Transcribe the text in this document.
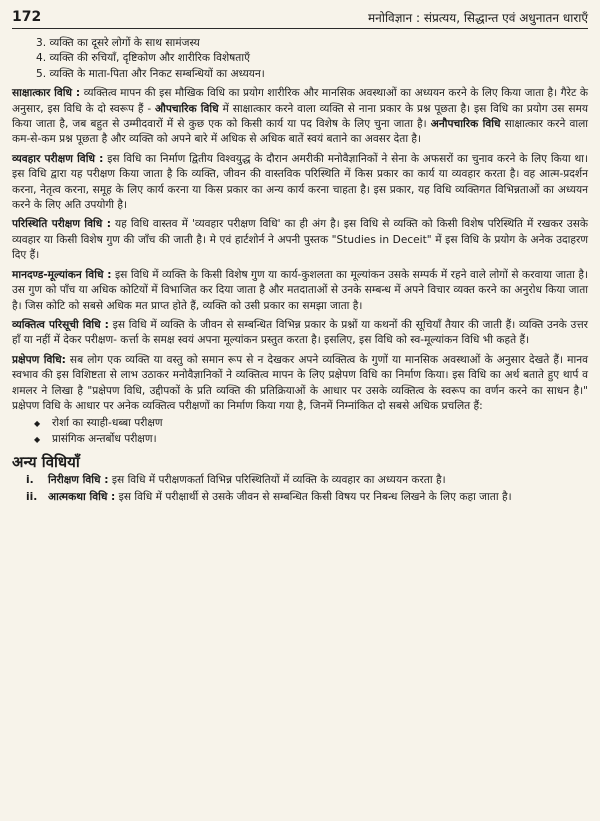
172	मनोविज्ञान : संप्रत्यय, सिद्धान्त एवं अधुनातन धाराएँ
3. व्यक्ति का दूसरे लोगों के साथ सामंजस्य
4. व्यक्ति की रुचियाँ, दृष्टिकोण और शारीरिक विशेषताएँ
5. व्यक्ति के माता-पिता और निकट सम्बन्धियों का अध्ययन।

साक्षात्कार विधि : व्यक्तित्व मापन की इस मौखिक विधि का प्रयोग शारीरिक और मानसिक अवस्थाओं का अध्ययन करने के लिए किया जाता है। गैरेट के अनुसार, इस विधि के दो स्वरूप हैं - औपचारिक विधि में साक्षात्कार करने वाला व्यक्ति से नाना प्रकार के प्रश्न पूछता है। इस विधि का प्रयोग उस समय किया जाता है, जब बहुत से उम्मीदवारों में से कुछ एक को किसी कार्य या पद विशेष के लिए चुना जाता है। अनौपचारिक विधि साक्षात्कार करने वाला कम-से-कम प्रश्न पूछता है और व्यक्ति को अपने बारे में अधिक से अधिक बातें स्वयं बताने का अवसर देता है।

व्यवहार परीक्षण विधि : इस विधि का निर्माण द्वितीय विश्वयुद्ध के दौरान अमरीकी मनोवैज्ञानिकों ने सेना के अफसरों का चुनाव करने के लिए किया था। इस विधि द्वारा यह परीक्षण किया जाता है कि व्यक्ति, जीवन की वास्तविक परिस्थिति में किस प्रकार का कार्य या व्यवहार करता है। वह आत्म-प्रदर्शन करना, नेतृत्व करना, समूह के लिए कार्य करना या किस प्रकार का अन्य कार्य करना चाहता है। इस प्रकार, यह विधि व्यक्तिगत विभिन्नताओं का अध्ययन करने के लिए अति उपयोगी है।

परिस्थिति परीक्षण विधि : यह विधि वास्तव में 'व्यवहार परीक्षण विधि' का ही अंग है। इस विधि से व्यक्ति को किसी विशेष परिस्थिति में रखकर उसके व्यवहार या किसी विशेष गुण की जाँच की जाती है। मे एवं हार्टशोर्न ने अपनी पुस्तक "Studies in Deceit" में इस विधि के प्रयोग के अनेक उदाहरण दिए हैं।

मानदण्ड-मूल्यांकन विधि : इस विधि में व्यक्ति के किसी विशेष गुण या कार्य-कुशलता का मूल्यांकन उसके सम्पर्क में रहने वाले लोगों से करवाया जाता है। उस गुण को पाँच या अधिक कोटियों में विभाजित कर दिया जाता है और मतदाताओं से उनके सम्बन्ध में अपने विचार व्यक्त करने का अनुरोध किया जाता है। जिस कोटि को सबसे अधिक मत प्राप्त होते हैं, व्यक्ति को उसी प्रकार का समझा जाता है।

व्यक्तित्व परिसूची विधि : इस विधि में व्यक्ति के जीवन से सम्बन्धित विभिन्न प्रकार के प्रश्नों या कथनों की सूचियाँ तैयार की जाती हैं। व्यक्ति उनके उत्तर हाँ या नहीं में देकर परीक्षण- कर्त्ता के समक्ष स्वयं अपना मूल्यांकन प्रस्तुत करता है। इसलिए, इस विधि को स्व-मूल्यांकन विधि भी कहते हैं।

प्रक्षेपण विधि: सब लोग एक व्यक्ति या वस्तु को समान रूप से न देखकर अपने व्यक्तित्व के गुणों या मानसिक अवस्थाओं के अनुसार देखते हैं। मानव स्वभाव की इस विशिष्टता से लाभ उठाकर मनोवैज्ञानिकों ने व्यक्तित्व मापन के लिए प्रक्षेपण विधि का निर्माण किया। इस विधि का अर्थ बताते हुए थार्प व शमलर ने लिखा है "प्रक्षेपण विधि, उद्दीपकों के प्रति व्यक्ति की प्रतिक्रियाओं के आधार पर उसके व्यक्तित्व के स्वरूप का वर्णन करने का साधन है।" प्रक्षेपण विधि के आधार पर अनेक व्यक्तित्व परीक्षणों का निर्माण किया गया है, जिनमें निम्नांकित दो सबसे अधिक प्रचलित हैं:

◆ रोर्शा का स्याही-धब्बा परीक्षण
◆ प्रासंगिक अन्तर्बोध परीक्षण।
अन्य विधियाँ
i.	निरीक्षण विधि : इस विधि में परीक्षणकर्ता विभिन्न परिस्थितियों में व्यक्ति के व्यवहार का अध्ययन करता है।
ii.	आत्मकथा विधि : इस विधि में परीक्षार्थी से उसके जीवन से सम्बन्धित किसी विषय पर निबन्ध लिखने के लिए कहा जाता है।
